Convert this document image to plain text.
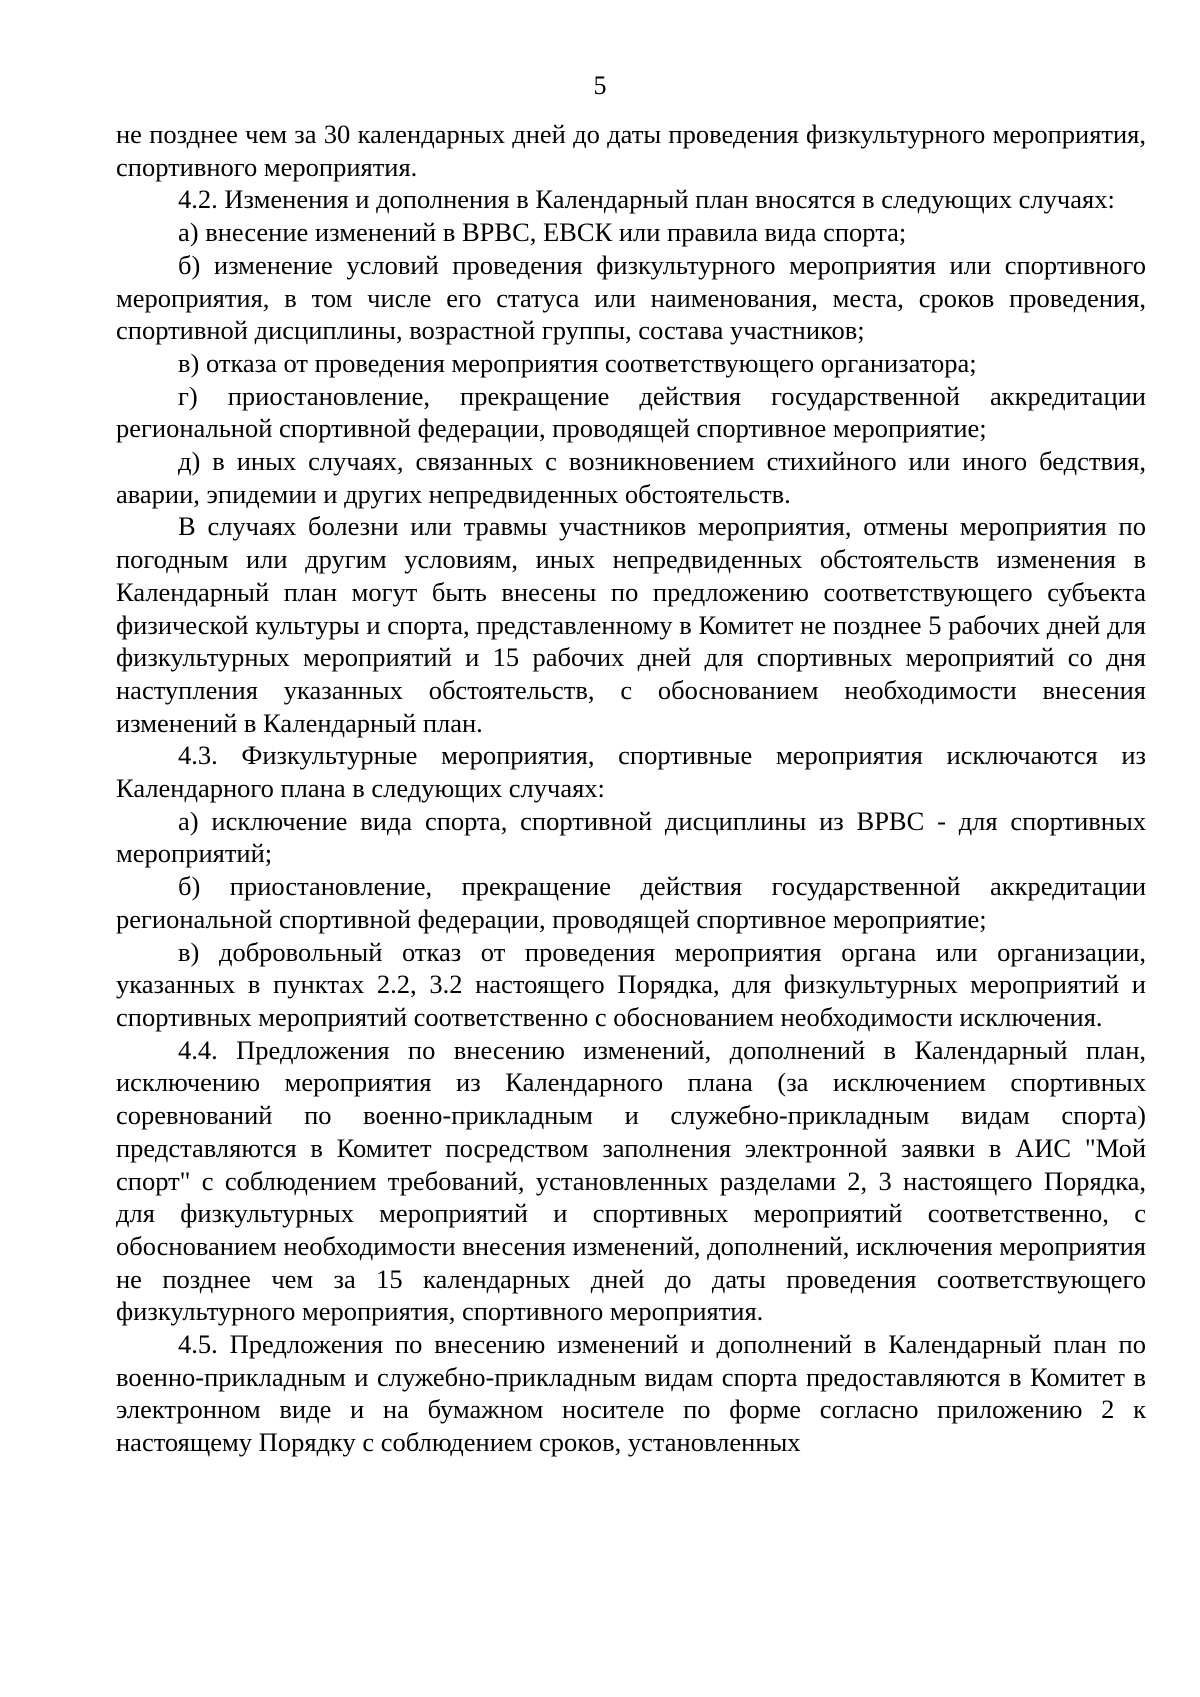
5

не позднее чем за 30 календарных дней до даты проведения физкультурного мероприятия, спортивного мероприятия.

4.2. Изменения и дополнения в Календарный план вносятся в следующих случаях:

а) внесение изменений в ВРВС, ЕВСК или правила вида спорта;

б) изменение условий проведения физкультурного мероприятия или спортивного мероприятия, в том числе его статуса или наименования, места, сроков проведения, спортивной дисциплины, возрастной группы, состава участников;

в) отказа от проведения мероприятия соответствующего организатора;

г) приостановление, прекращение действия государственной аккредитации региональной спортивной федерации, проводящей спортивное мероприятие;

д) в иных случаях, связанных с возникновением стихийного или иного бедствия, аварии, эпидемии и других непредвиденных обстоятельств.

В случаях болезни или травмы участников мероприятия, отмены мероприятия по погодным или другим условиям, иных непредвиденных обстоятельств изменения в Календарный план могут быть внесены по предложению соответствующего субъекта физической культуры и спорта, представленному в Комитет не позднее 5 рабочих дней для физкультурных мероприятий и 15 рабочих дней для спортивных мероприятий со дня наступления указанных обстоятельств, с обоснованием необходимости внесения изменений в Календарный план.

4.3. Физкультурные мероприятия, спортивные мероприятия исключаются из Календарного плана в следующих случаях:

а) исключение вида спорта, спортивной дисциплины из ВРВС - для спортивных мероприятий;

б) приостановление, прекращение действия государственной аккредитации региональной спортивной федерации, проводящей спортивное мероприятие;

в) добровольный отказ от проведения мероприятия органа или организации, указанных в пунктах 2.2, 3.2 настоящего Порядка, для физкультурных мероприятий и спортивных мероприятий соответственно с обоснованием необходимости исключения.

4.4. Предложения по внесению изменений, дополнений в Календарный план, исключению мероприятия из Календарного плана (за исключением спортивных соревнований по военно-прикладным и служебно-прикладным видам спорта) представляются в Комитет посредством заполнения электронной заявки в АИС "Мой спорт" с соблюдением требований, установленных разделами 2, 3 настоящего Порядка, для физкультурных мероприятий и спортивных мероприятий соответственно, с обоснованием необходимости внесения изменений, дополнений, исключения мероприятия не позднее чем за 15 календарных дней до даты проведения соответствующего физкультурного мероприятия, спортивного мероприятия.

4.5. Предложения по внесению изменений и дополнений в Календарный план по военно-прикладным и служебно-прикладным видам спорта предоставляются в Комитет в электронном виде и на бумажном носителе по форме согласно приложению 2 к настоящему Порядку с соблюдением сроков, установленных
